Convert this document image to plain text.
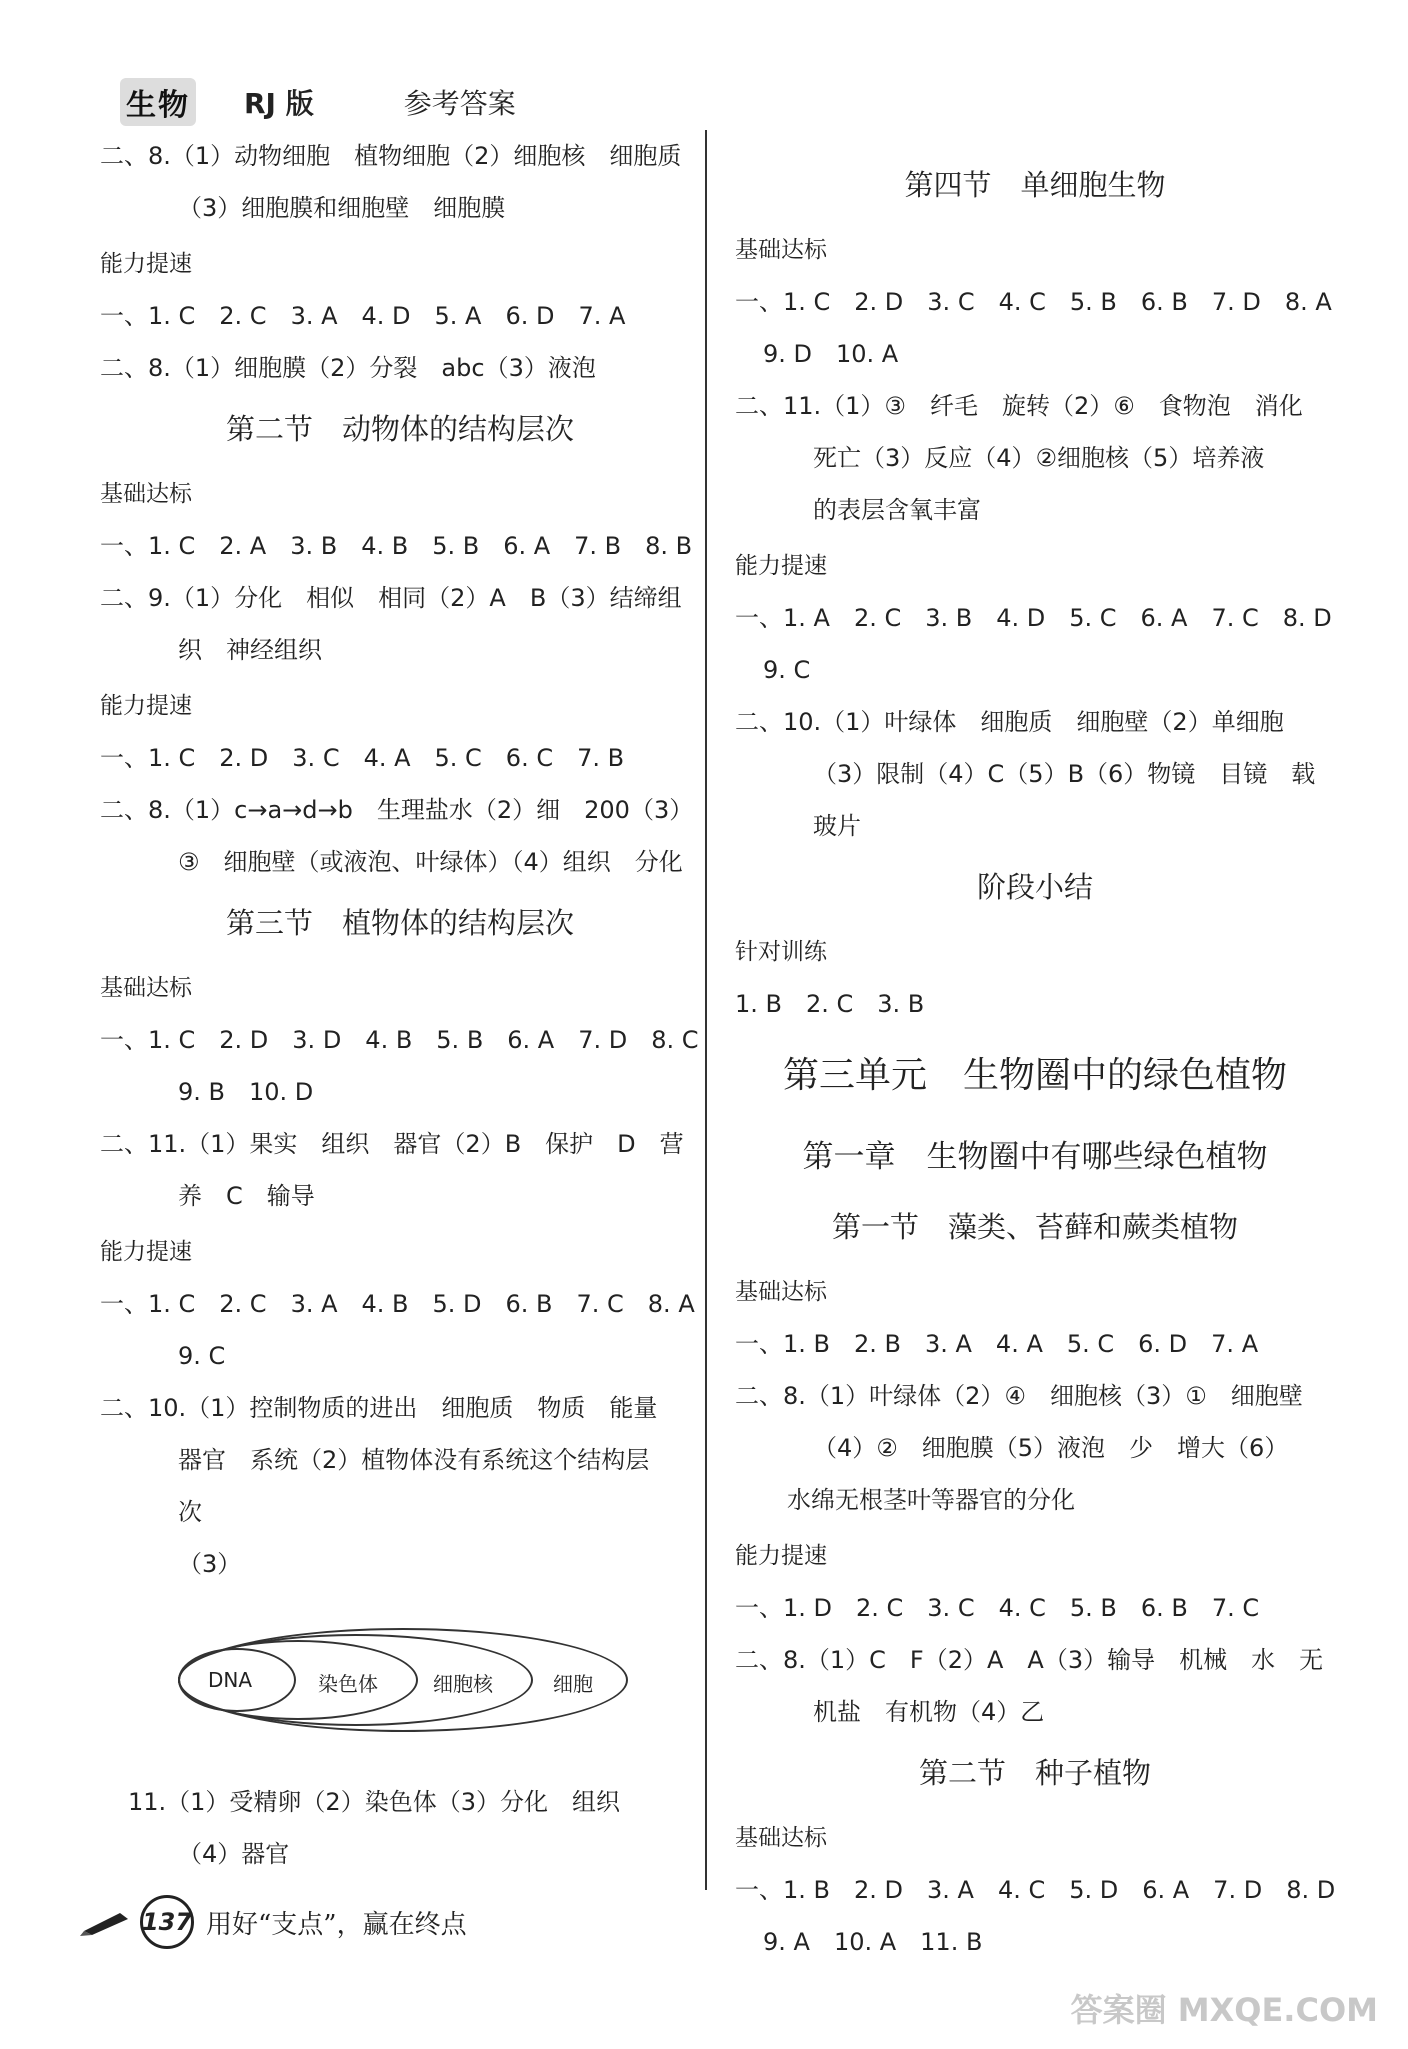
生物 RJ 版	参考答案
二、8.（1）动物细胞　植物细胞（2）细胞核　细胞质
（3）细胞膜和细胞壁　细胞膜
能力提速
一、1. C　2. C　3. A　4. D　5. A　6. D　7. A
二、8.（1）细胞膜（2）分裂　abc（3）液泡
第二节　动物体的结构层次
基础达标
一、1. C　2. A　3. B　4. B　5. B　6. A　7. B　8. B
二、9.（1）分化　相似　相同（2）A　B（3）结缔组
织　神经组织
能力提速
一、1. C　2. D　3. C　4. A　5. C　6. C　7. B
二、8.（1）c→a→d→b　生理盐水（2）细　200（3）
③　细胞壁（或液泡、叶绿体）（4）组织　分化
第三节　植物体的结构层次
基础达标
一、1. C　2. D　3. D　4. B　5. B　6. A　7. D　8. C
9. B　10. D
二、11.（1）果实　组织　器官（2）B　保护　D　营
养　C　输导
能力提速
一、1. C　2. C　3. A　4. B　5. D　6. B　7. C　8. A
9. C
二、10.（1）控制物质的进出　细胞质　物质　能量
器官　系统（2）植物体没有系统这个结构层
次
（3）
DNA	染色体	细胞核	细胞
11.（1）受精卵（2）染色体（3）分化　组织
（4）器官
第四节　单细胞生物
基础达标
一、1. C　2. D　3. C　4. C　5. B　6. B　7. D　8. A
9. D　10. A
二、11.（1）③　纤毛　旋转（2）⑥　食物泡　消化
死亡（3）反应（4）②细胞核（5）培养液
的表层含氧丰富
能力提速
一、1. A　2. C　3. B　4. D　5. C　6. A　7. C　8. D
9. C
二、10.（1）叶绿体　细胞质　细胞壁（2）单细胞
（3）限制（4）C（5）B（6）物镜　目镜　载
玻片
阶段小结
针对训练
1. B　2. C　3. B
第三单元　生物圈中的绿色植物
第一章　生物圈中有哪些绿色植物
第一节　藻类、苔藓和蕨类植物
基础达标
一、1. B　2. B　3. A　4. A　5. C　6. D　7. A
二、8.（1）叶绿体（2）④　细胞核（3）①　细胞壁
（4）②　细胞膜（5）液泡　少　增大（6）
水绵无根茎叶等器官的分化
能力提速
一、1. D　2. C　3. C　4. C　5. B　6. B　7. C
二、8.（1）C　F（2）A　A（3）输导　机械　水　无
机盐　有机物（4）乙
第二节　种子植物
基础达标
一、1. B　2. D　3. A　4. C　5. D　6. A　7. D　8. D
9. A　10. A　11. B
137 用好“支点”，赢在终点
答案圈 MXQE.COM
